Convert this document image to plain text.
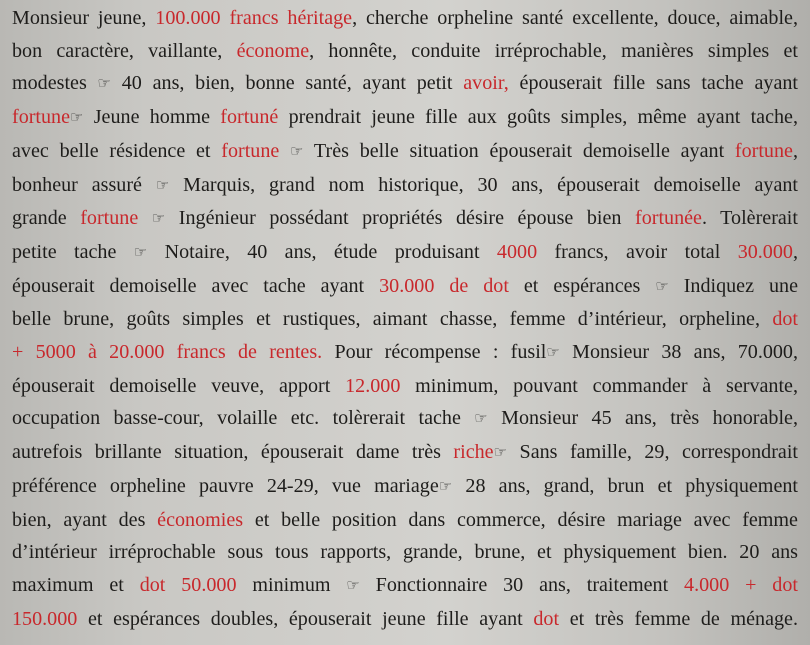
Monsieur jeune, 100.000 francs héritage, cherche orpheline santé excellente, douce, aimable,
bon caractère, vaillante, économe, honnête, conduite irréprochable, manières simples et
modestes ☞ 40 ans, bien, bonne santé, ayant petit avoir, épouserait fille sans tache ayant
fortune☞ Jeune homme fortuné prendrait jeune fille aux goûts simples, même ayant tache,
avec belle résidence et fortune ☞ Très belle situation épouserait demoiselle ayant fortune,
bonheur assuré ☞ Marquis, grand nom historique, 30 ans, épouserait demoiselle ayant
grande fortune ☞ Ingénieur possédant propriétés désire épouse bien fortunée. Tolèrerait
petite tache ☞ Notaire, 40 ans, étude produisant 4000 francs, avoir total 30.000,
épouserait demoiselle avec tache ayant 30.000 de dot et espérances ☞ Indiquez une
belle brune, goûts simples et rustiques, aimant chasse, femme d’intérieur, orpheline, dot
+ 5000 à 20.000 francs de rentes. Pour récompense : fusil☞ Monsieur 38 ans, 70.000,
épouserait demoiselle veuve, apport 12.000 minimum, pouvant commander à servante,
occupation basse-cour, volaille etc. tolèrerait tache ☞ Monsieur 45 ans, très honorable,
autrefois brillante situation, épouserait dame très riche☞ Sans famille, 29, correspondrait
préférence orpheline pauvre 24-29, vue mariage☞ 28 ans, grand, brun et physiquement
bien, ayant des économies et belle position dans commerce, désire mariage avec femme
d’intérieur irréprochable sous tous rapports, grande, brune, et physiquement bien. 20 ans
maximum et dot 50.000 minimum ☞ Fonctionnaire 30 ans, traitement 4.000 + dot
150.000 et espérances doubles, épouserait jeune fille ayant dot et très femme de ménage.
